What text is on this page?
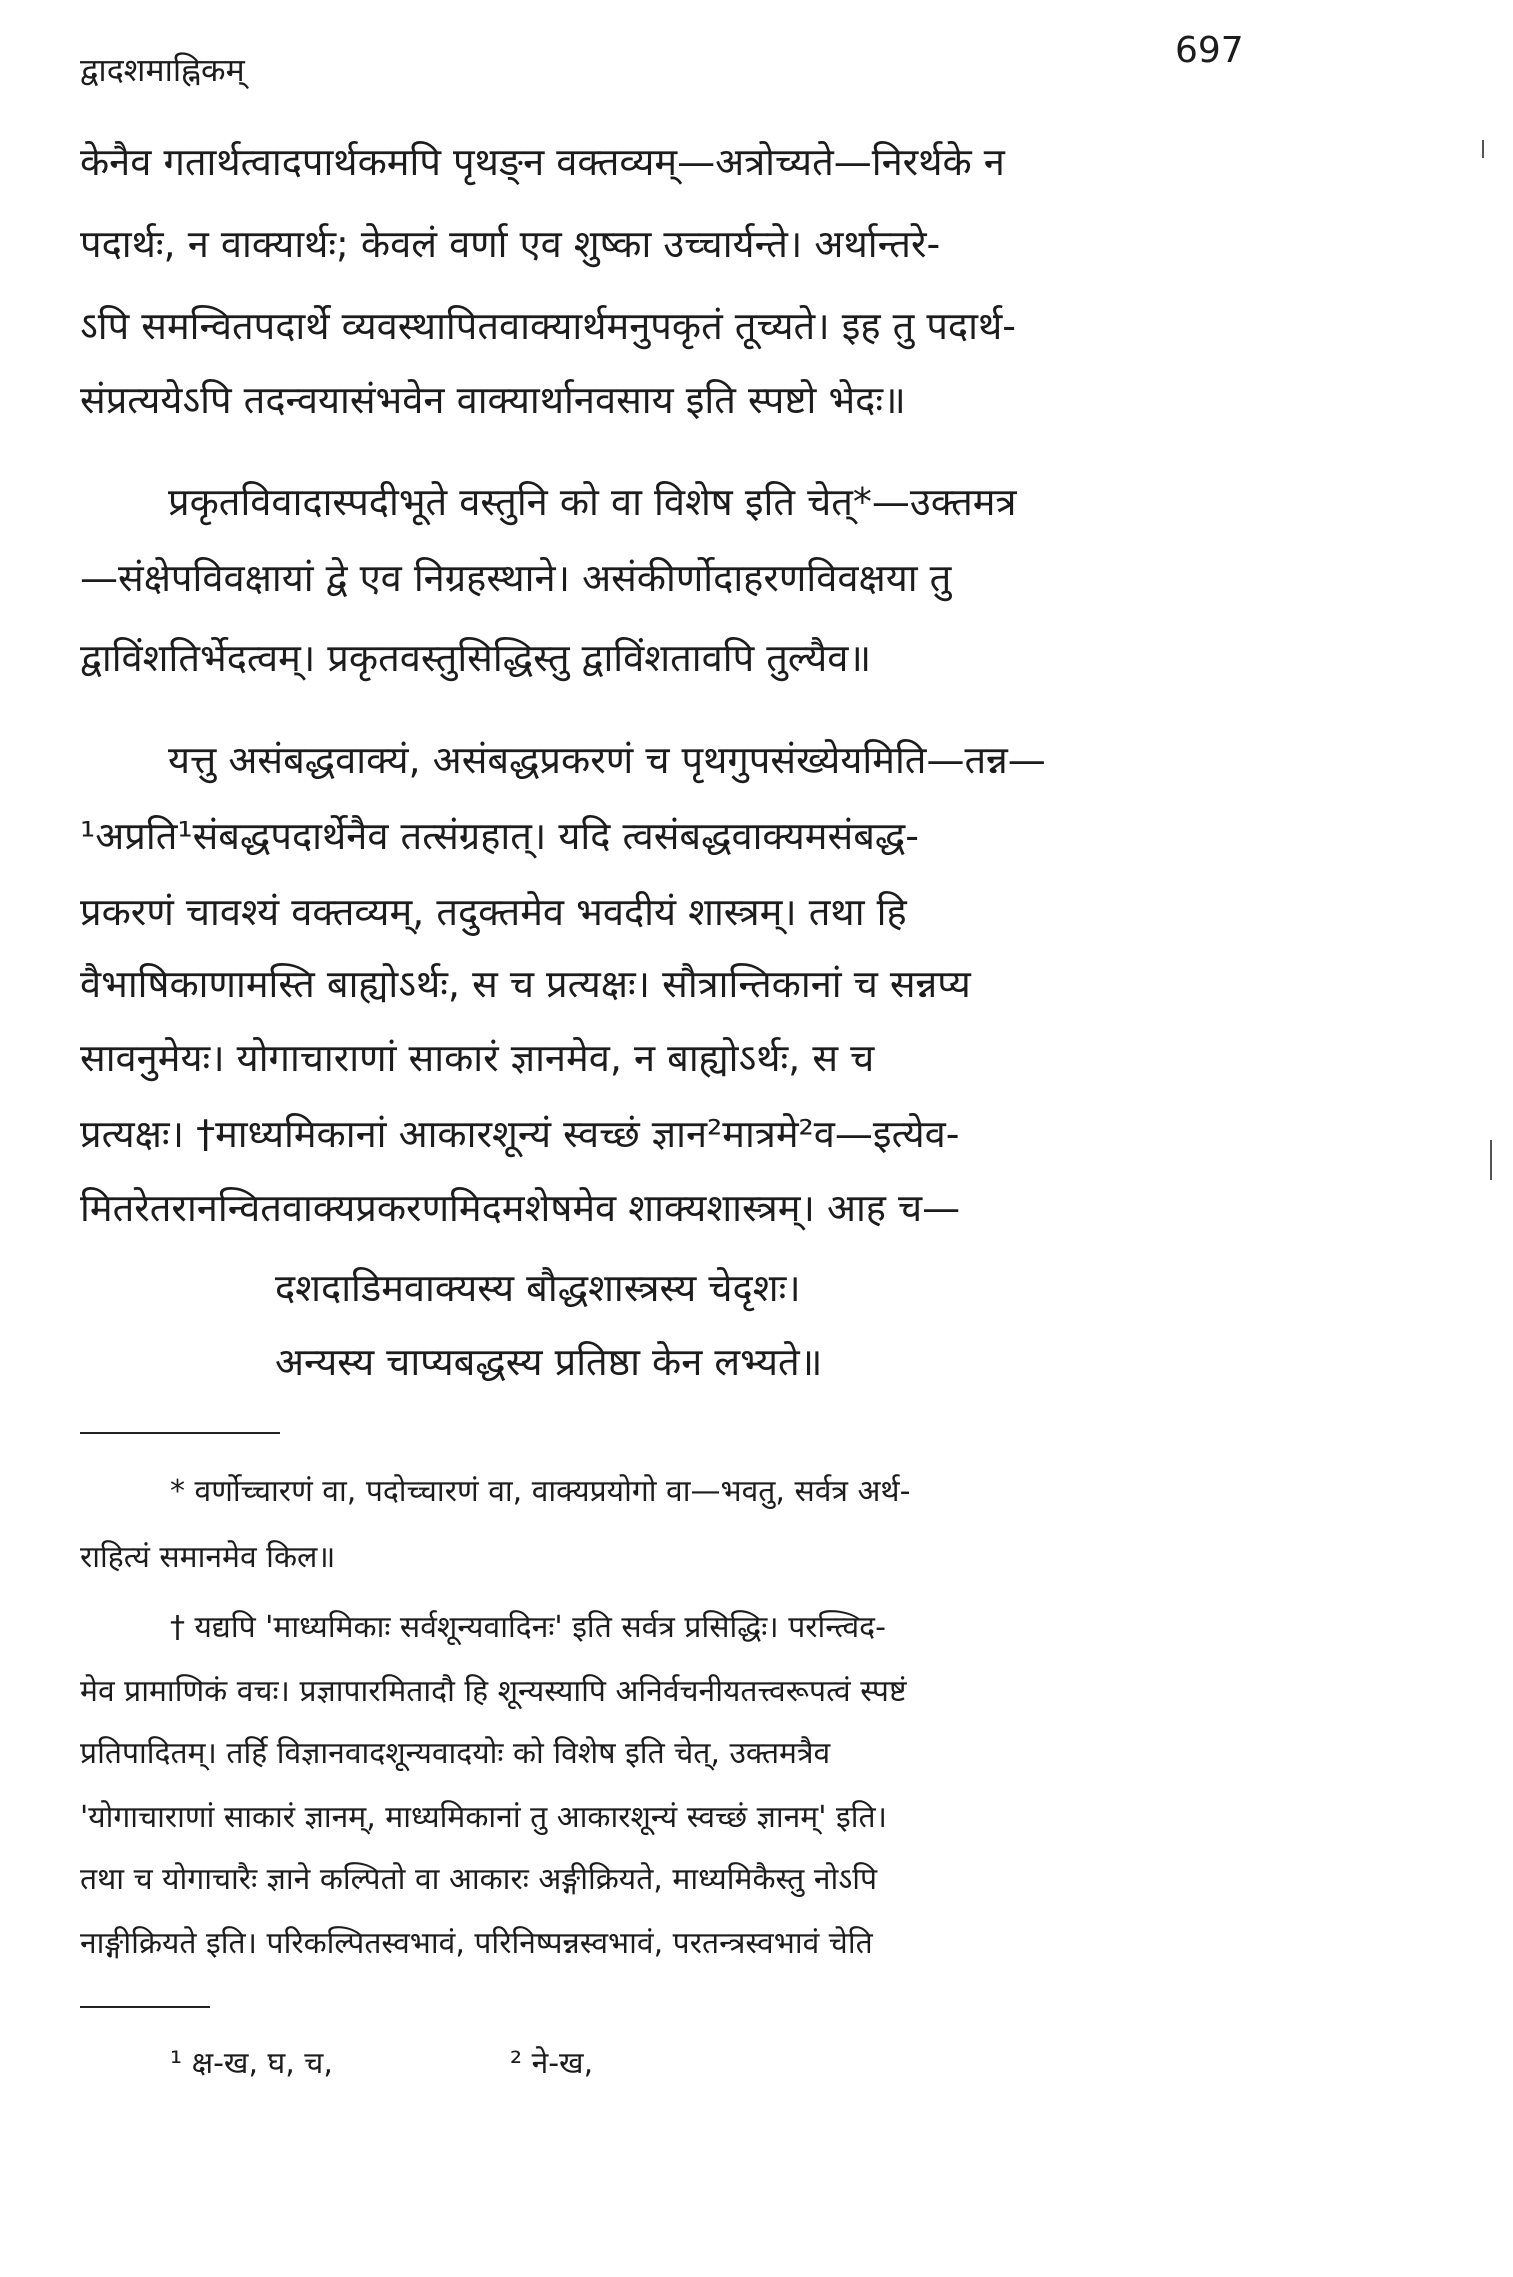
द्वादशमाह्निकम्	697
केनैव गतार्थत्वादपार्थकमपि पृथङ्न वक्तव्यम्—अत्रोच्यते—निरर्थके न
पदार्थः, न वाक्यार्थः; केवलं वर्णा एव शुष्का उच्चार्यन्ते। अर्थान्तरे-
ऽपि समन्वितपदार्थे व्यवस्थापितवाक्यार्थमनुपकृतं तूच्यते। इह तु पदार्थ-
संप्रत्ययेऽपि तदन्वयासंभवेन वाक्यार्थानवसाय इति स्पष्टो भेदः॥
प्रकृतविवादास्पदीभूते वस्तुनि को वा विशेष इति चेत्*—उक्तमत्र
—संक्षेपविवक्षायां द्वे एव निग्रहस्थाने। असंकीर्णोदाहरणविवक्षया तु
द्वाविंशतिर्भेदत्वम्। प्रकृतवस्तुसिद्धिस्तु द्वाविंशतावपि तुल्यैव॥
यत्तु असंबद्धवाक्यं, असंबद्धप्रकरणं च पृथगुपसंख्येयमिति—तन्न—
¹अप्रति¹संबद्धपदार्थेनैव तत्संग्रहात्। यदि त्वसंबद्धवाक्यमसंबद्ध-
प्रकरणं चावश्यं वक्तव्यम्, तदुक्तमेव भवदीयं शास्त्रम्। तथा हि
वैभाषिकाणामस्ति बाह्योऽर्थः, स च प्रत्यक्षः। सौत्रान्तिकानां च सन्नप्य
सावनुमेयः। योगाचाराणां साकारं ज्ञानमेव, न बाह्योऽर्थः, स च
प्रत्यक्षः। †माध्यमिकानां आकारशून्यं स्वच्छं ज्ञान²मात्रमे²व—इत्येव-
मितरेतरानन्वितवाक्यप्रकरणमिदमशेषमेव शाक्यशास्त्रम्। आह च—
दशदाडिमवाक्यस्य बौद्धशास्त्रस्य चेदृशः।
अन्यस्य चाप्यबद्धस्य प्रतिष्ठा केन लभ्यते॥
* वर्णोच्चारणं वा, पदोच्चारणं वा, वाक्यप्रयोगो वा—भवतु, सर्वत्र अर्थ-
राहित्यं समानमेव किल॥
† यद्यपि 'माध्यमिकाः सर्वशून्यवादिनः' इति सर्वत्र प्रसिद्धिः। परन्त्विद-
मेव प्रामाणिकं वचः। प्रज्ञापारमितादौ हि शून्यस्यापि अनिर्वचनीयतत्त्वरूपत्वं स्पष्टं
प्रतिपादितम्। तर्हि विज्ञानवादशून्यवादयोः को विशेष इति चेत्, उक्तमत्रैव
'योगाचाराणां साकारं ज्ञानम्, माध्यमिकानां तु आकारशून्यं स्वच्छं ज्ञानम्' इति।
तथा च योगाचारैः ज्ञाने कल्पितो वा आकारः अङ्गीक्रियते, माध्यमिकैस्तु नोऽपि
नाङ्गीक्रियते इति। परिकल्पितस्वभावं, परिनिष्पन्नस्वभावं, परतन्त्रस्वभावं चेति
¹ क्ष-ख, घ, च,	² ने-ख,
